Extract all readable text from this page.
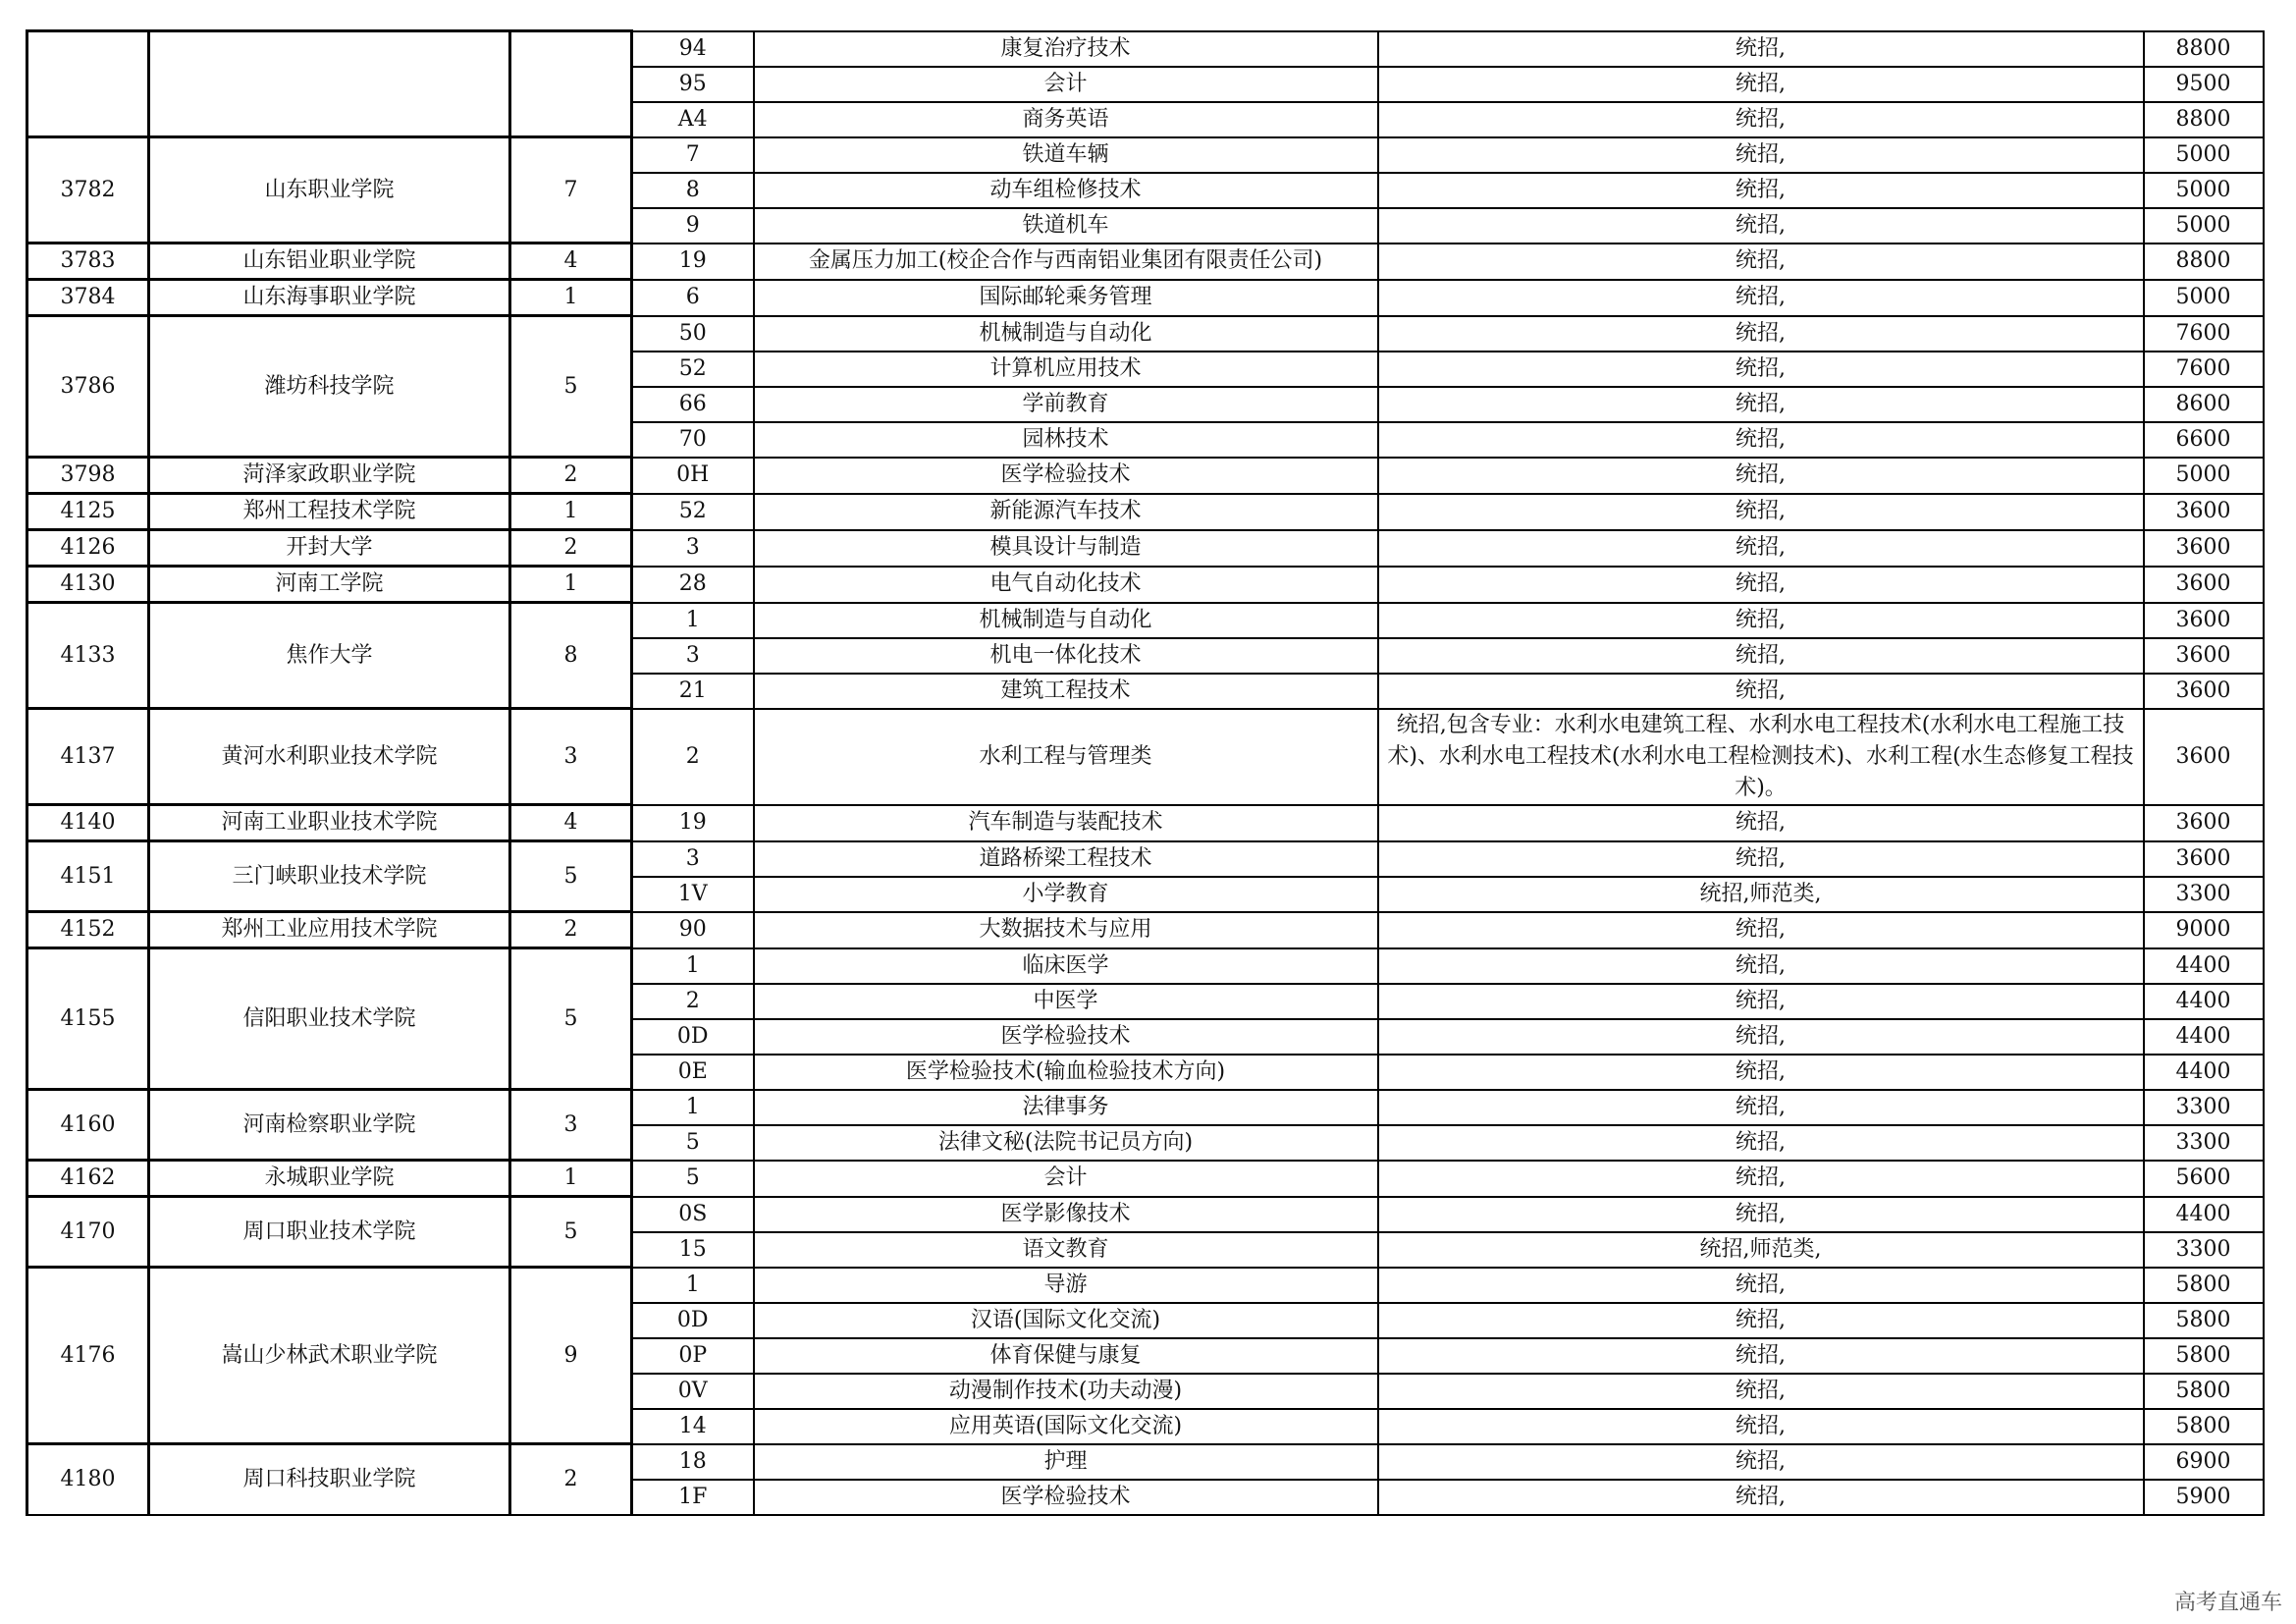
			94	康复治疗技术	统招,	8800
			95	会计	统招,	9500
			A4	商务英语	统招,	8800
3782	山东职业学院	7	7	铁道车辆	统招,	5000
			8	动车组检修技术	统招,	5000
			9	铁道机车	统招,	5000
3783	山东铝业职业学院	4	19	金属压力加工(校企合作与西南铝业集团有限责任公司)	统招,	8800
3784	山东海事职业学院	1	6	国际邮轮乘务管理	统招,	5000
3786	潍坊科技学院	5	50	机械制造与自动化	统招,	7600
			52	计算机应用技术	统招,	7600
			66	学前教育	统招,	8600
			70	园林技术	统招,	6600
3798	菏泽家政职业学院	2	0H	医学检验技术	统招,	5000
4125	郑州工程技术学院	1	52	新能源汽车技术	统招,	3600
4126	开封大学	2	3	模具设计与制造	统招,	3600
4130	河南工学院	1	28	电气自动化技术	统招,	3600
4133	焦作大学	8	1	机械制造与自动化	统招,	3600
			3	机电一体化技术	统招,	3600
			21	建筑工程技术	统招,	3600
4137	黄河水利职业技术学院	3	2	水利工程与管理类	统招,包含专业：水利水电建筑工程、水利水电工程技术(水利水电工程施工技术)、水利水电工程技术(水利水电工程检测技术)、水利工程(水生态修复工程技术)。	3600
4140	河南工业职业技术学院	4	19	汽车制造与装配技术	统招,	3600
4151	三门峡职业技术学院	5	3	道路桥梁工程技术	统招,	3600
			1V	小学教育	统招,师范类,	3300
4152	郑州工业应用技术学院	2	90	大数据技术与应用	统招,	9000
4155	信阳职业技术学院	5	1	临床医学	统招,	4400
			2	中医学	统招,	4400
			0D	医学检验技术	统招,	4400
			0E	医学检验技术(输血检验技术方向)	统招,	4400
4160	河南检察职业学院	3	1	法律事务	统招,	3300
			5	法律文秘(法院书记员方向)	统招,	3300
4162	永城职业学院	1	5	会计	统招,	5600
4170	周口职业技术学院	5	0S	医学影像技术	统招,	4400
			15	语文教育	统招,师范类,	3300
4176	嵩山少林武术职业学院	9	1	导游	统招,	5800
			0D	汉语(国际文化交流)	统招,	5800
			0P	体育保健与康复	统招,	5800
			0V	动漫制作技术(功夫动漫)	统招,	5800
			14	应用英语(国际文化交流)	统招,	5800
4180	周口科技职业学院	2	18	护理	统招,	6900
			1F	医学检验技术	统招,	5900
高考直通车
